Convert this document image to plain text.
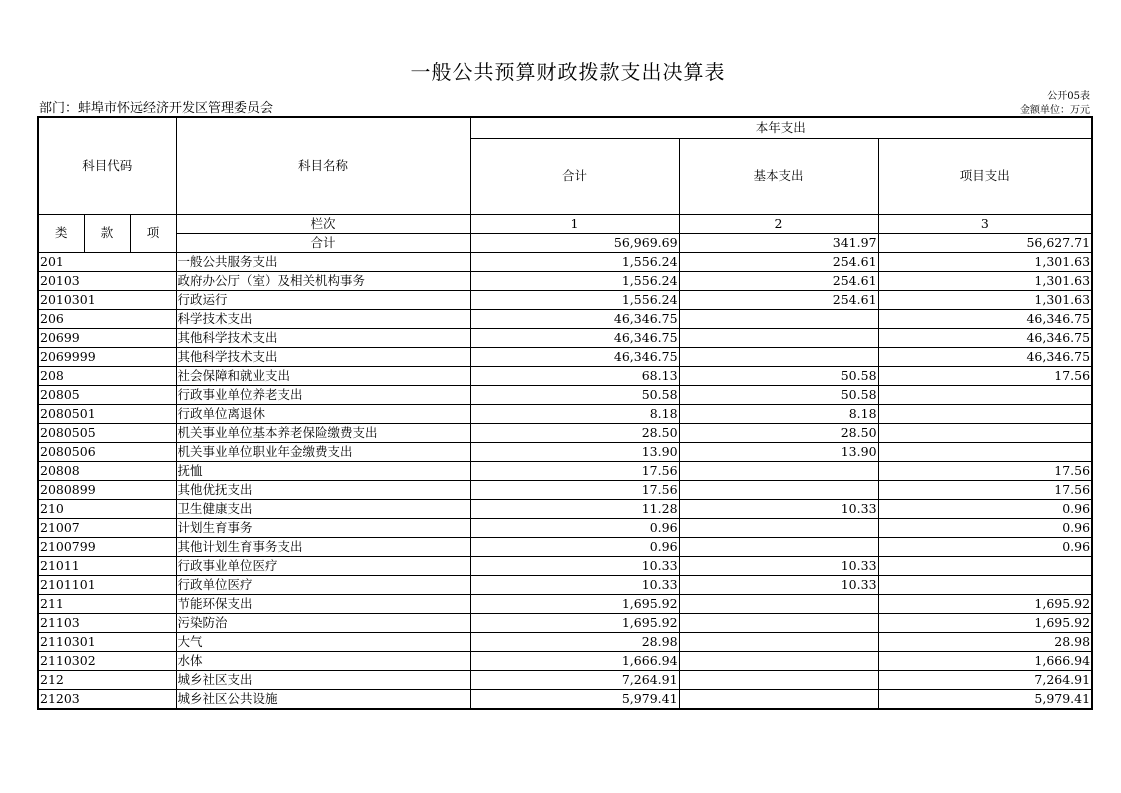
一般公共预算财政拨款支出决算表
公开05表
金额单位：万元
部门：蚌埠市怀远经济开发区管理委员会
科目代码			科目名称	本年支出		
				合计	基本支出	项目支出
类	款	项	栏次	1	2	3
			合计	56,969.69	341.97	56,627.71
201			一般公共服务支出	1,556.24	254.61	1,301.63
20103			政府办公厅（室）及相关机构事务	1,556.24	254.61	1,301.63
2010301			行政运行	1,556.24	254.61	1,301.63
206			科学技术支出	46,346.75		46,346.75
20699			其他科学技术支出	46,346.75		46,346.75
2069999			其他科学技术支出	46,346.75		46,346.75
208			社会保障和就业支出	68.13	50.58	17.56
20805			行政事业单位养老支出	50.58	50.58	
2080501			行政单位离退休	8.18	8.18	
2080505			机关事业单位基本养老保险缴费支出	28.50	28.50	
2080506			机关事业单位职业年金缴费支出	13.90	13.90	
20808			抚恤	17.56		17.56
2080899			其他优抚支出	17.56		17.56
210			卫生健康支出	11.28	10.33	0.96
21007			计划生育事务	0.96		0.96
2100799			其他计划生育事务支出	0.96		0.96
21011			行政事业单位医疗	10.33	10.33	
2101101			行政单位医疗	10.33	10.33	
211			节能环保支出	1,695.92		1,695.92
21103			污染防治	1,695.92		1,695.92
2110301			大气	28.98		28.98
2110302			水体	1,666.94		1,666.94
212			城乡社区支出	7,264.91		7,264.91
21203			城乡社区公共设施	5,979.41		5,979.41
